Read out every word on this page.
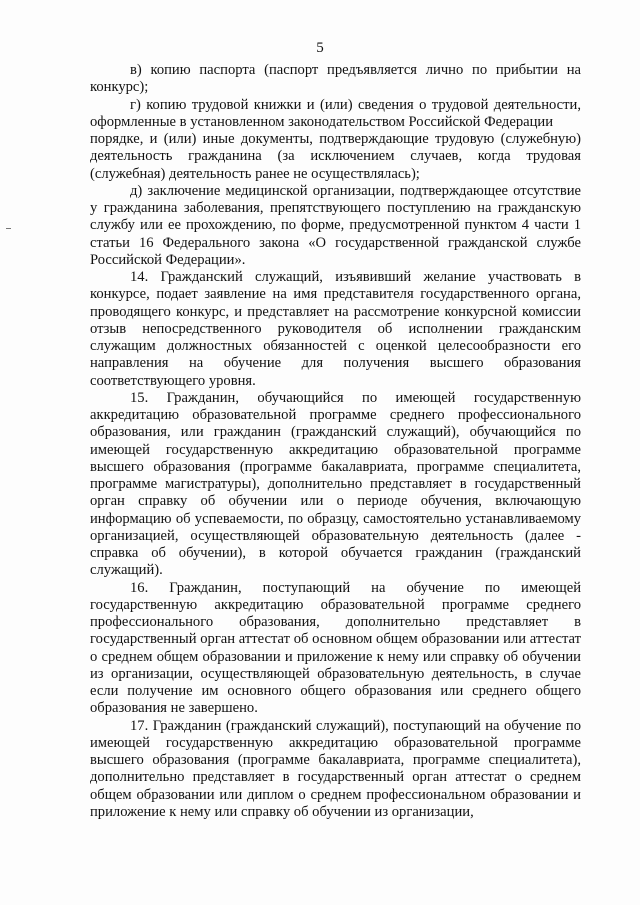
5

в) копию паспорта (паспорт предъявляется лично по прибытии на конкурс);

г) копию трудовой книжки и (или) сведения о трудовой деятельности, оформленные в установленном законодательством Российской Федерации

порядке, и (или) иные документы, подтверждающие трудовую (служебную) деятельность гражданина (за исключением случаев, когда трудовая (служебная) деятельность ранее не осуществлялась);

д) заключение медицинской организации, подтверждающее отсутствие у гражданина заболевания, препятствующего поступлению на гражданскую службу или ее прохождению, по форме, предусмотренной пунктом 4 части 1 статьи 16 Федерального закона «О государственной гражданской службе Российской Федерации».

14. Гражданский служащий, изъявивший желание участвовать в конкурсе, подает заявление на имя представителя государственного органа, проводящего конкурс, и представляет на рассмотрение конкурсной комиссии отзыв непосредственного руководителя об исполнении гражданским служащим должностных обязанностей с оценкой целесообразности его направления на обучение для получения высшего образования соответствующего уровня.

15. Гражданин, обучающийся по имеющей государственную аккредитацию образовательной программе среднего профессионального образования, или гражданин (гражданский служащий), обучающийся по имеющей государственную аккредитацию образовательной программе высшего образования (программе бакалавриата, программе специалитета, программе магистратуры), дополнительно представляет в государственный орган справку об обучении или о периоде обучения, включающую информацию об успеваемости, по образцу, самостоятельно устанавливаемому организацией, осуществляющей образовательную деятельность (далее - справка об обучении), в которой обучается гражданин (гражданский служащий).

16. Гражданин, поступающий на обучение по имеющей государственную аккредитацию образовательной программе среднего профессионального образования, дополнительно представляет в государственный орган аттестат об основном общем образовании или аттестат о среднем общем образовании и приложение к нему или справку об обучении из организации, осуществляющей образовательную деятельность, в случае если получение им основного общего образования или среднего общего образования не завершено.

17. Гражданин (гражданский служащий), поступающий на обучение по имеющей государственную аккредитацию образовательной программе высшего образования (программе бакалавриата, программе специалитета), дополнительно представляет в государственный орган аттестат о среднем общем образовании или диплом о среднем профессиональном образовании и приложение к нему или справку об обучении из организации,
